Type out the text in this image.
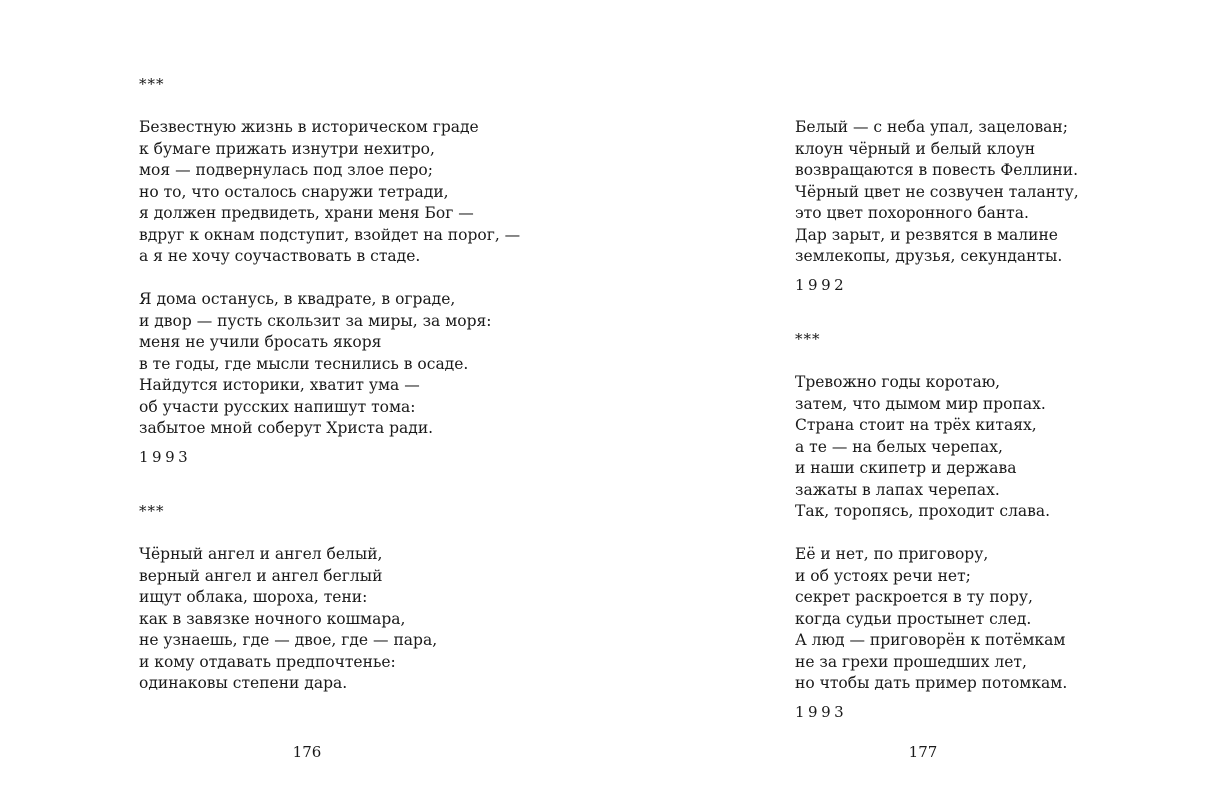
***
Безвестную жизнь в историческом граде
к бумаге прижать изнутри нехитро,
моя — подвернулась под злое перо;
но то, что осталось снаружи тетради,
я должен предвидеть, храни меня Бог —
вдруг к окнам подступит, взойдет на порог, —
а я не хочу соучаствовать в стаде.
Я дома останусь, в квадрате, в ограде,
и двор — пусть скользит за миры, за моря:
меня не учили бросать якоря
в те годы, где мысли теснились в осаде.
Найдутся историки, хватит ума —
об участи русских напишут тома:
забытое мной соберут Христа ради.
1993
***
Чёрный ангел и ангел белый,
верный ангел и ангел беглый
ищут облака, шороха, тени:
как в завязке ночного кошмара,
не узнаешь, где — двое, где — пара,
и кому отдавать предпочтенье:
одинаковы степени дара.
176
Белый — с неба упал, зацелован;
клоун чёрный и белый клоун
возвращаются в повесть Феллини.
Чёрный цвет не созвучен таланту,
это цвет похоронного банта.
Дар зарыт, и резвятся в малине
землекопы, друзья, секунданты.
1992
***
Тревожно годы коротаю,
затем, что дымом мир пропах.
Страна стоит на трёх китаях,
а те — на белых черепах,
и наши скипетр и держава
зажаты в лапах черепах.
Так, торопясь, проходит слава.
Её и нет, по приговору,
и об устоях речи нет;
секрет раскроется в ту пору,
когда судьи простынет след.
А люд — приговорён к потёмкам
не за грехи прошедших лет,
но чтобы дать пример потомкам.
1993
177
